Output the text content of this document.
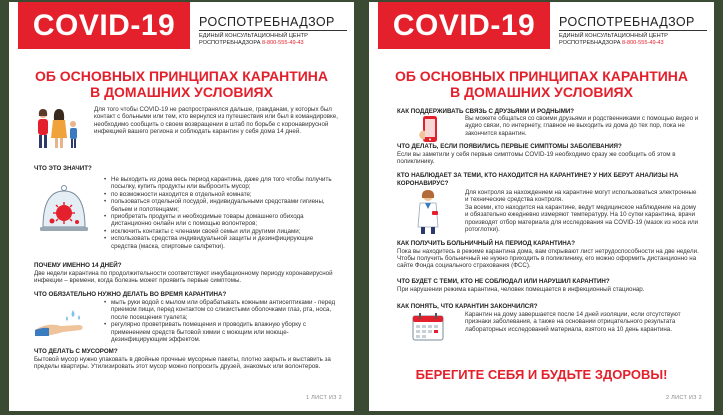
COVID-19	РОСПОТРЕБНАДЗОР
ЕДИНЫЙ КОНСУЛЬТАЦИОННЫЙ ЦЕНТР
РОСПОТРЕБНАДЗОРА 8-800-555-49-43
ОБ ОСНОВНЫХ ПРИНЦИПАХ КАРАНТИНА
В ДОМАШНИХ УСЛОВИЯХ
Для того чтобы COVID-19 не распространялся дальше, гражданам, у которых был контакт с больными или тем, кто вернулся из путешествия или был в командировке, необходимо сообщить о своем возвращении в штаб по борьбе с коронавирусной инфекцией вашего региона и соблюдать карантин у себя дома 14 дней.
ЧТО ЭТО ЗНАЧИТ?
• Не выходить из дома весь период карантина, даже для того чтобы получить посылку, купить продукты или выбросить мусор;
• по возможности находится в отдельной комнате;
• пользоваться отдельной посудой, индивидуальными средствами гигиены, бельем и полотенцами;
• приобретать продукты и необходимые товары домашнего обихода дистанционно онлайн или с помощью волонтеров;
• исключить контакты с членами своей семьи или другими лицами;
• использовать средства индивидуальной защиты и дезинфицирующие средства (маска, спиртовые салфетки).
ПОЧЕМУ ИМЕННО 14 ДНЕЙ?
Две недели карантина по продолжительности соответствуют инкубационному периоду коронавирусной инфекции – времени, когда болезнь может проявить первые симптомы.
ЧТО ОБЯЗАТЕЛЬНО НУЖНО ДЕЛАТЬ ВО ВРЕМЯ КАРАНТИНА?
• мыть руки водой с мылом или обрабатывать кожными антисептиками - перед приемом пищи, перед контактом со слизистыми оболочками глаз, рта, носа, после посещения туалета;
• регулярно проветривать помещения и проводить влажную уборку с применением средств бытовой химии с моющим или моюще-дезинфицирующим эффектом.
ЧТО ДЕЛАТЬ С МУСОРОМ?
Бытовой мусор нужно упаковать в двойные прочные мусорные пакеты, плотно закрыть и выставить за пределы квартиры. Утилизировать этот мусор можно попросить друзей, знакомых или волонтеров.
1 ЛИСТ ИЗ 2
COVID-19	РОСПОТРЕБНАДЗОР
ЕДИНЫЙ КОНСУЛЬТАЦИОННЫЙ ЦЕНТР
РОСПОТРЕБНАДЗОРА 8-800-555-49-43
ОБ ОСНОВНЫХ ПРИНЦИПАХ КАРАНТИНА
В ДОМАШНИХ УСЛОВИЯХ
КАК ПОДДЕРЖИВАТЬ СВЯЗЬ С ДРУЗЬЯМИ И РОДНЫМИ?
Вы можете общаться со своими друзьями и родственниками с помощью видео и аудио связи, по интернету, главное не выходить из дома до тех пор, пока не закончится карантин.
ЧТО ДЕЛАТЬ, ЕСЛИ ПОЯВИЛИСЬ ПЕРВЫЕ СИМПТОМЫ ЗАБОЛЕВАНИЯ?
Если вы заметили у себя первые симптомы COVID-19 необходимо сразу же сообщить об этом в поликлинику.
КТО НАБЛЮДАЕТ ЗА ТЕМИ, КТО НАХОДИТСЯ НА КАРАНТИНЕ? У НИХ БЕРУТ АНАЛИЗЫ НА КОРОНАВИРУС?
Для контроля за нахождением на карантине могут использоваться электронные и технические средства контроля.
За всеми, кто находится на карантине, ведут медицинское наблюдение на дому и обязательно ежедневно измеряют температуру. На 10 сутки карантина, врачи производят отбор материала для исследования на COVID-19 (мазок из носа или ротоглотки).
КАК ПОЛУЧИТЬ БОЛЬНИЧНЫЙ НА ПЕРИОД КАРАНТИНА?
Пока вы находитесь в режиме карантина дома, вам открывают лист нетрудоспособности на две недели. Чтобы получить больничный не нужно приходить в поликлинику, его можно оформить дистанционно на сайте Фонда социального страхования (ФСС).
ЧТО БУДЕТ С ТЕМИ, КТО НЕ СОБЛЮДАЛ ИЛИ НАРУШИЛ КАРАНТИН?
При нарушении режима карантина, человек помещается в инфекционный стационар.
КАК ПОНЯТЬ, ЧТО КАРАНТИН ЗАКОНЧИЛСЯ?
Карантин на дому завершается после 14 дней изоляции, если отсутствуют признаки заболевания, а также на основании отрицательного результата лабораторных исследований материала, взятого на 10 день карантина.
БЕРЕГИТЕ СЕБЯ И БУДЬТЕ ЗДОРОВЫ!
2 ЛИСТ ИЗ 2
